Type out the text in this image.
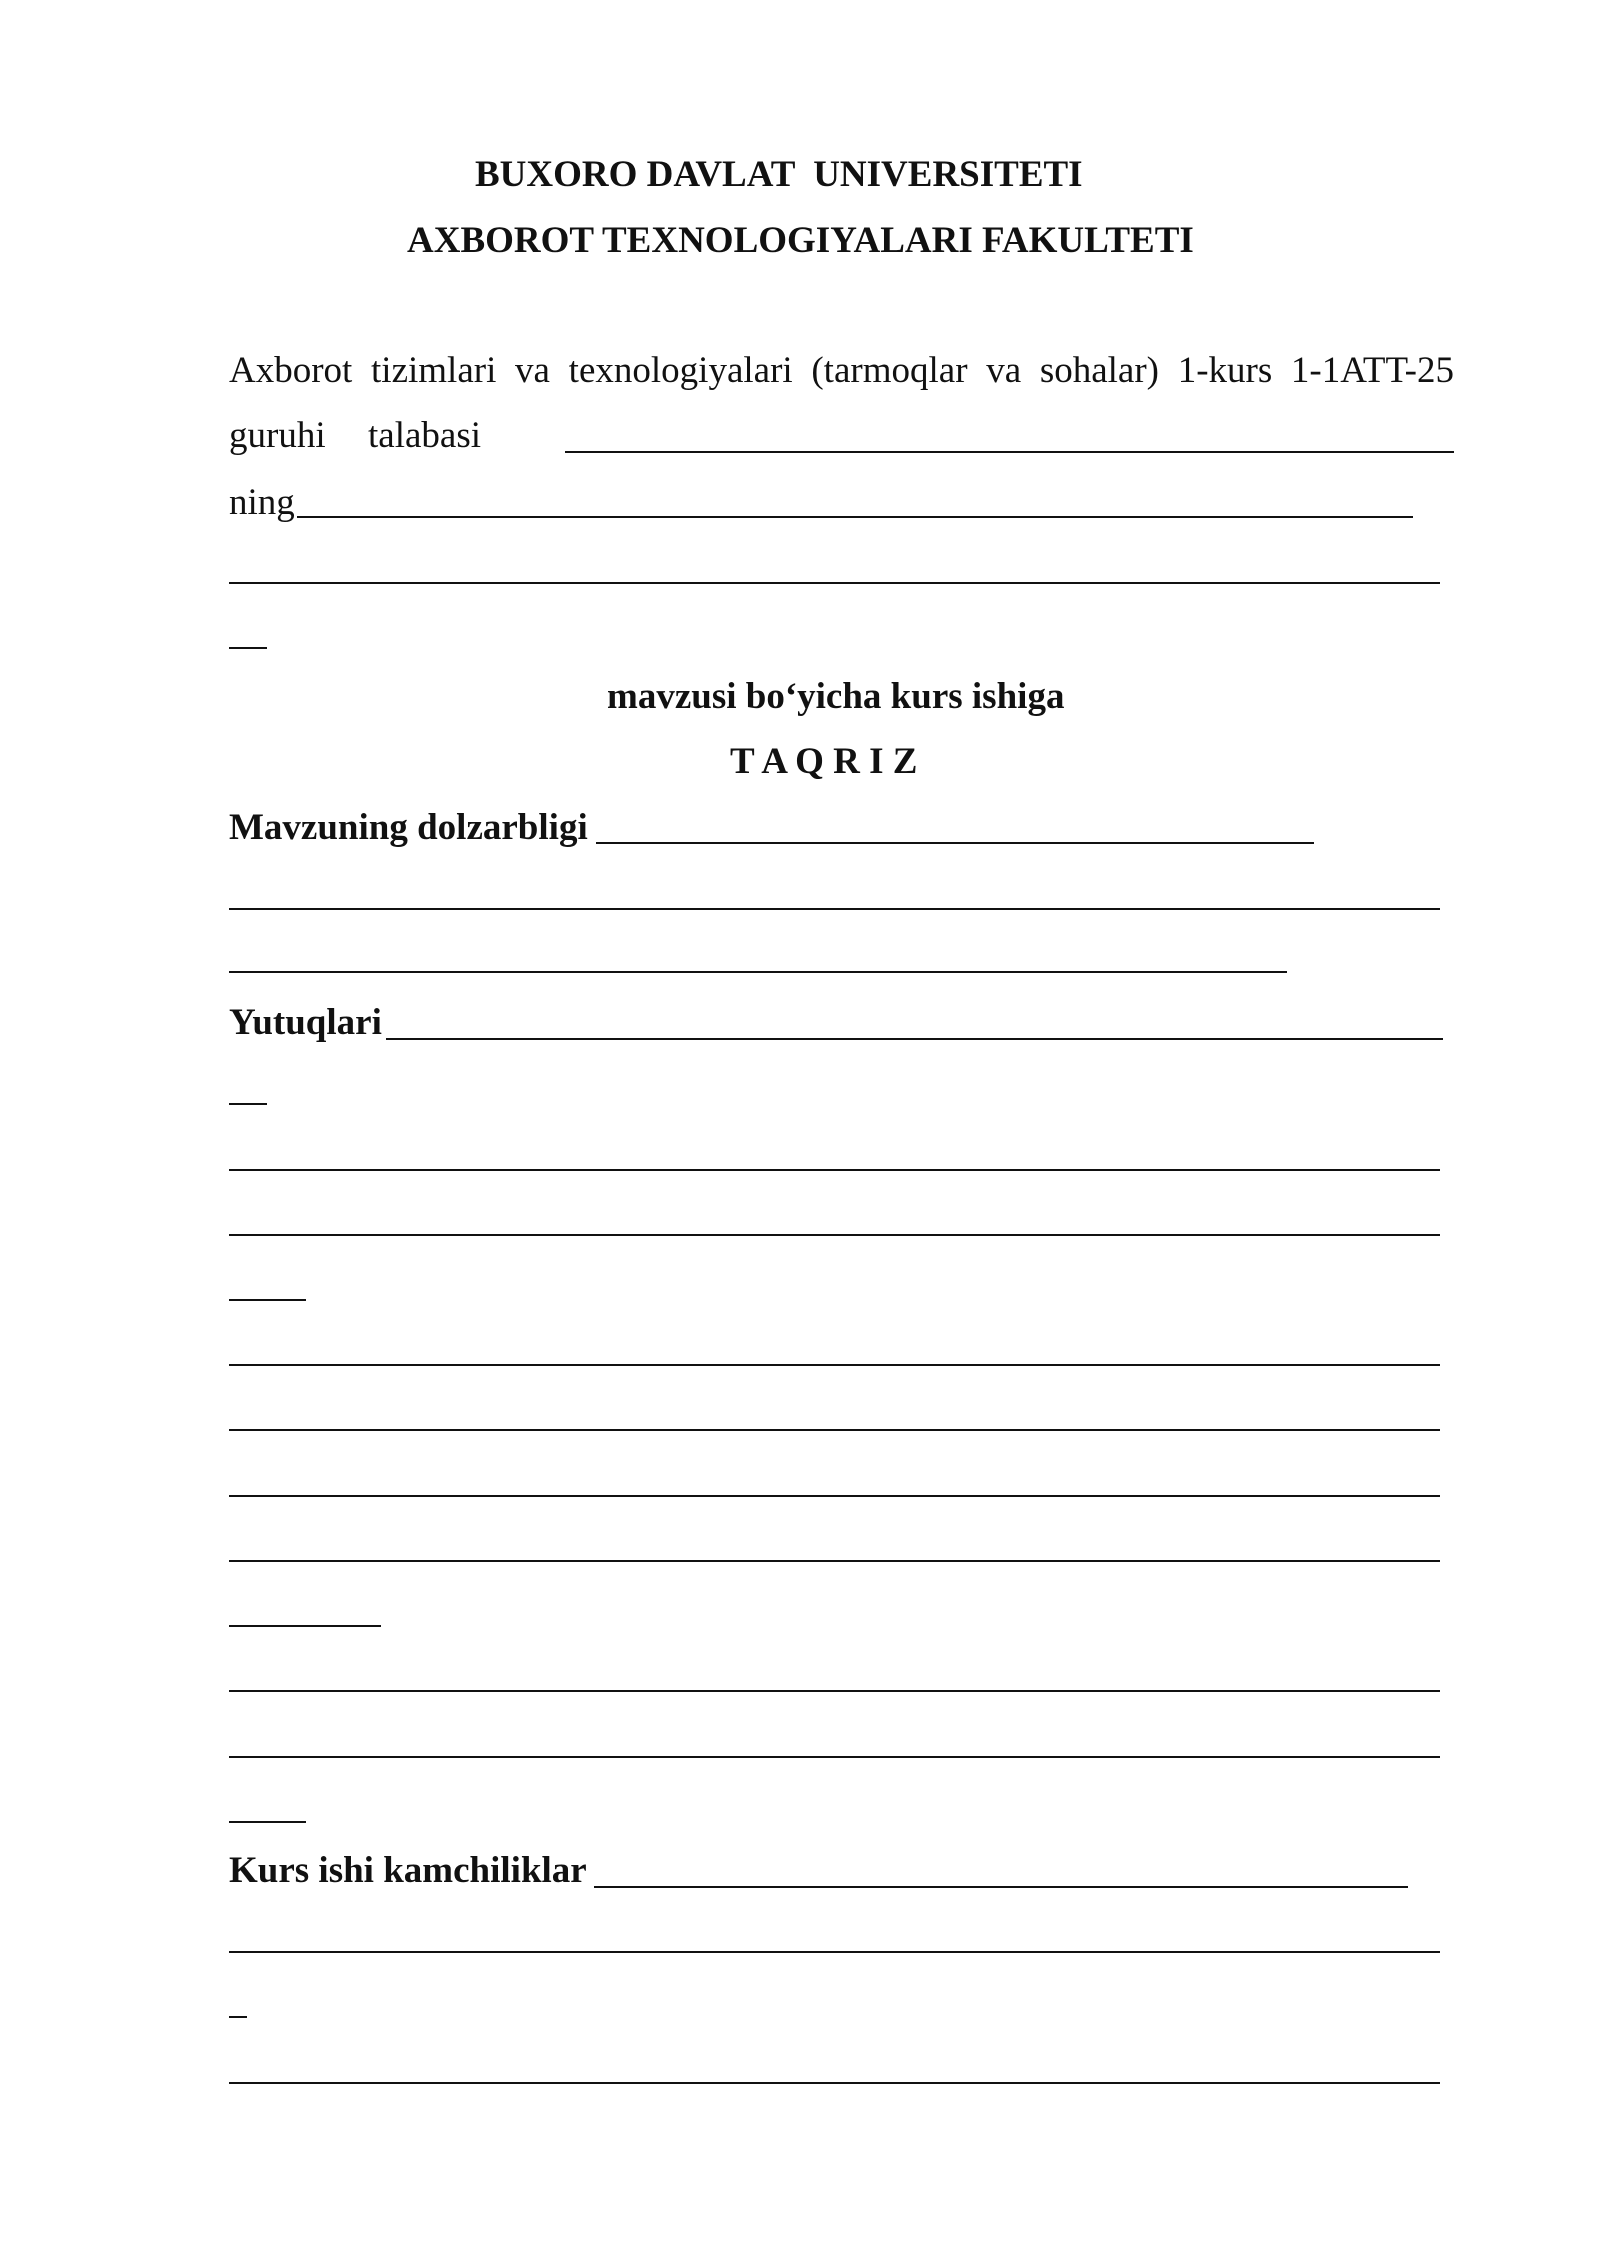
BUXORO DAVLAT  UNIVERSITETI
AXBOROT TEXNOLOGIYALARI FAKULTETI
Axborot tizimlari va texnologiyalari (tarmoqlar va sohalar) 1-kurs 1-1ATT-25
guruhi talabasi
ning
mavzusi bo‘yicha kurs ishiga
T A Q R I Z
Mavzuning dolzarbligi
Yutuqlari
Kurs ishi kamchiliklar
